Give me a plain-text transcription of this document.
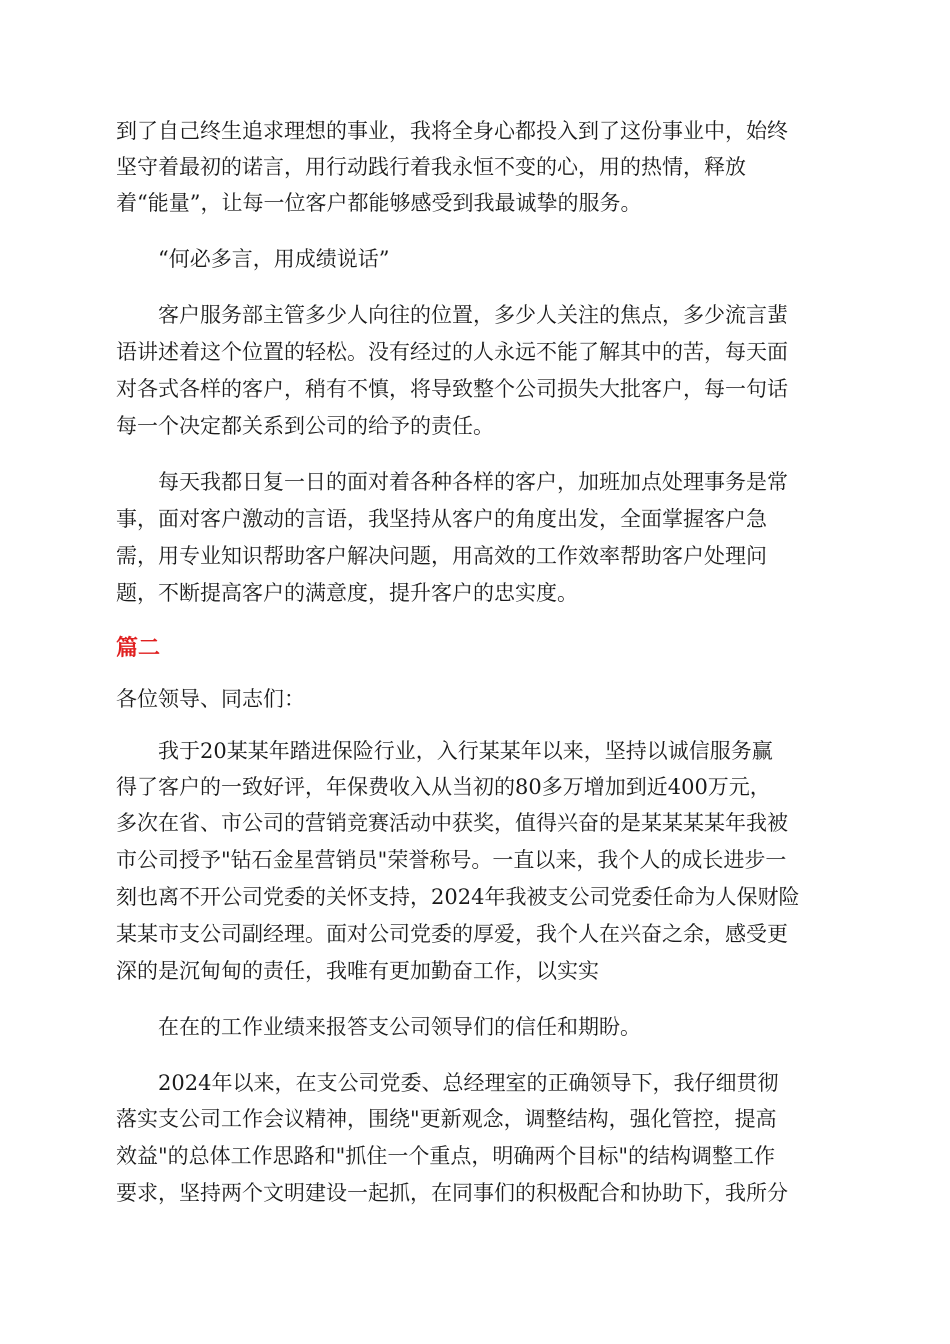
到了自己终生追求理想的事业，我将全身心都投入到了这份事业中，始终

坚守着最初的诺言，用行动践行着我永恒不变的心，用的热情，释放

着“能量”，让每一位客户都能够感受到我最诚挚的服务。

“何必多言，用成绩说话”

客户服务部主管多少人向往的位置，多少人关注的焦点，多少流言蜚

语讲述着这个位置的轻松。没有经过的人永远不能了解其中的苦，每天面

对各式各样的客户，稍有不慎，将导致整个公司损失大批客户，每一句话

每一个决定都关系到公司的给予的责任。

每天我都日复一日的面对着各种各样的客户，加班加点处理事务是常

事，面对客户激动的言语，我坚持从客户的角度出发，全面掌握客户急

需，用专业知识帮助客户解决问题，用高效的工作效率帮助客户处理问

题，不断提高客户的满意度，提升客户的忠实度。

篇二

各位领导、同志们：

我于20某某年踏进保险行业，入行某某年以来，坚持以诚信服务赢

得了客户的一致好评，年保费收入从当初的80多万增加到近400万元，

多次在省、市公司的营销竞赛活动中获奖，值得兴奋的是某某某某年我被

市公司授予"钻石金星营销员"荣誉称号。一直以来，我个人的成长进步一

刻也离不开公司党委的关怀支持，2024年我被支公司党委任命为人保财险

某某市支公司副经理。面对公司党委的厚爱，我个人在兴奋之余，感受更

深的是沉甸甸的责任，我唯有更加勤奋工作，以实实

在在的工作业绩来报答支公司领导们的信任和期盼。

2024年以来，在支公司党委、总经理室的正确领导下，我仔细贯彻

落实支公司工作会议精神，围绕"更新观念，调整结构，强化管控，提高

效益"的总体工作思路和"抓住一个重点，明确两个目标"的结构调整工作

要求，坚持两个文明建设一起抓，在同事们的积极配合和协助下，我所分
